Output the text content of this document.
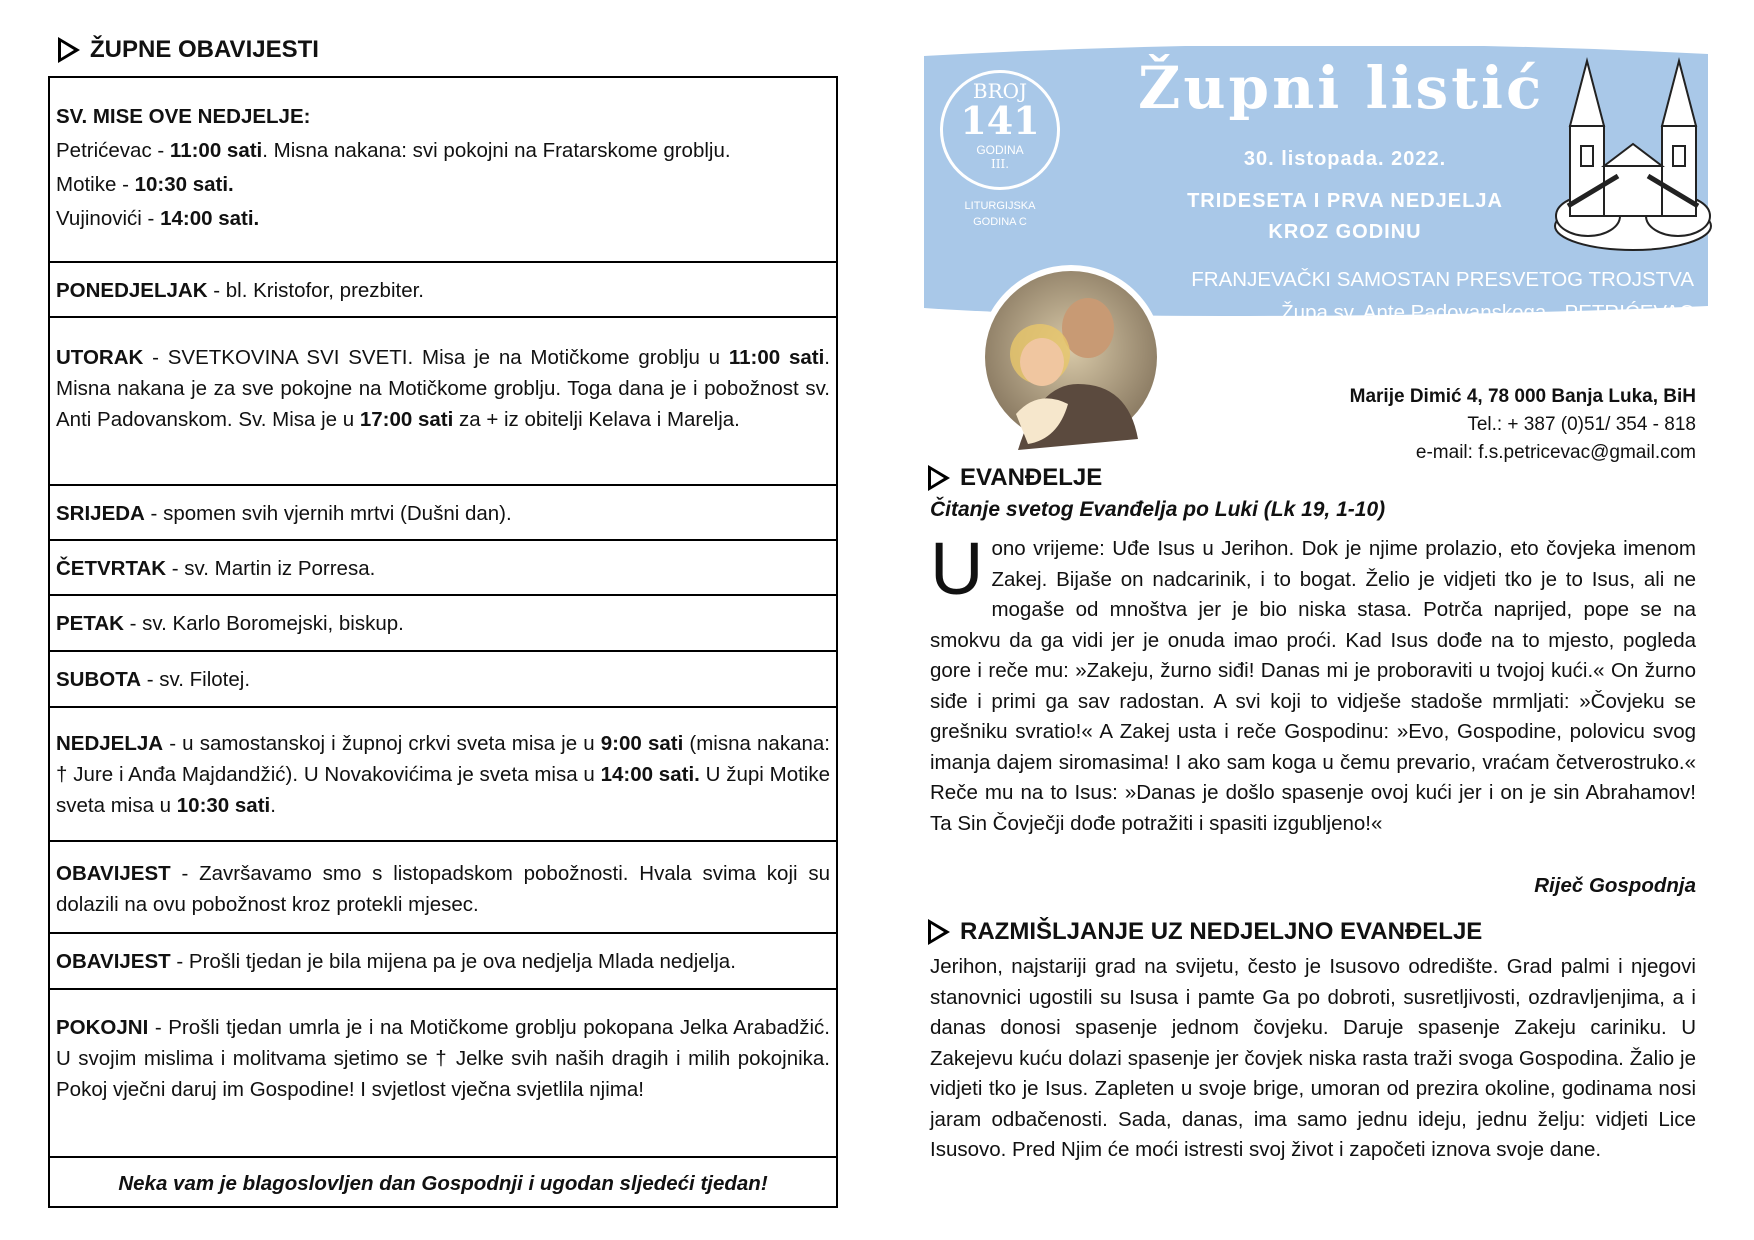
ŽUPNE OBAVIJESTI

SV. MISE OVE NEDJELJE:

Petrićevac - 11:00 sati. Misna nakana: svi pokojni na Fratarskome groblju.

Motike - 10:30 sati.

Vujinovići - 14:00 sati.

PONEDJELJAK - bl. Kristofor, prezbiter.
UTORAK - SVETKOVINA SVI SVETI. Misa je na Motičkome groblju u 11:00 sati. Misna nakana je za sve pokojne na Motičkome groblju. Toga dana je i pobožnost sv. Anti Padovanskom. Sv. Misa je u 17:00 sati za + iz obitelji Kelava i Marelja.
SRIJEDA - spomen svih vjernih mrtvi (Dušni dan).
ČETVRTAK - sv. Martin iz Porresa.
PETAK - sv. Karlo Boromejski, biskup.
SUBOTA - sv. Filotej.
NEDJELJA - u samostanskoj i župnoj crkvi sveta misa je u 9:00 sati (misna nakana: † Jure i Anđa Majdandžić). U Novakovićima je sveta misa u 14:00 sati. U župi Motike sveta misa u 10:30 sati.
OBAVIJEST - Završavamo smo s listopadskom pobožnosti. Hvala svima koji su dolazili na ovu pobožnost kroz protekli mjesec.
OBAVIJEST - Prošli tjedan je bila mijena pa je ova nedjelja Mlada nedjelja.
POKOJNI - Prošli tjedan umrla je i na Motičkome groblju pokopana Jelka Arabadžić. U svojim mislima i molitvama sjetimo se † Jelke svih naših dragih i milih pokojnika. Pokoj vječni daruj im Gospodine! I svjetlost vječna svjetlila njima!
Neka vam je blagoslovljen dan Gospodnji i ugodan sljedeći tjedan!
BROJ
141
GODINA
III.
LITURGIJSKA
GODINA C
Župni listić
30. listopada. 2022.
TRIDESETA I PRVA NEDJELJA
KROZ GODINU
FRANJEVAČKI SAMOSTAN PRESVETOG TROJSTVA
Župa sv. Ante Padovanskoga - PETRIĆEVAC
Župa sv. Petra i Pavla - MOTIKE
Marije Dimić 4, 78 000 Banja Luka, BiH
Tel.: + 387 (0)51/ 354 - 818
e-mail: f.s.petricevac@gmail.com
EVANĐELJE
Čitanje svetog Evanđelja po Luki (Lk 19, 1-10)
Uono vrijeme: Uđe Isus u Jerihon. Dok je njime prolazio, eto čovjeka imenom Zakej. Bijaše on nadcarinik, i to bogat. Želio je vidjeti tko je to Isus, ali ne mogaše od mnoštva jer je bio niska stasa. Potrča naprijed, pope se na smokvu da ga vidi jer je onuda imao proći. Kad Isus dođe na to mjesto, pogleda gore i reče mu: »Zakeju, žurno siđi! Danas mi je proboraviti u tvojoj kući.« On žurno siđe i primi ga sav radostan. A svi koji to vidješe stadoše mrmljati: »Čovjeku se grešniku svratio!« A Zakej usta i reče Gospodinu: »Evo, Gospodine, polovicu svog imanja dajem siromasima! I ako sam koga u čemu prevario, vraćam četverostruko.« Reče mu na to Isus: »Danas je došlo spasenje ovoj kući jer i on je sin Abrahamov! Ta Sin Čovječji dođe potražiti i spasiti izgubljeno!«
Riječ Gospodnja
RAZMIŠLJANJE UZ NEDJELJNO EVANĐELJE
Jerihon, najstariji grad na svijetu, često je Isusovo odredište. Grad palmi i njegovi stanovnici ugostili su Isusa i pamte Ga po dobroti, susretljivosti, ozdravljenjima, a i danas donosi spasenje jednom čovjeku. Daruje spasenje Zakeju cariniku. U Zakejevu kuću dolazi spasenje jer čovjek niska rasta traži svoga Gospodina. Žalio je vidjeti tko je Isus. Zapleten u svoje brige, umoran od prezira okoline, godinama nosi jaram odbačenosti. Sada, danas, ima samo jednu ideju, jednu želju: vidjeti Lice Isusovo. Pred Njim će moći istresti svoj život i započeti iznova svoje dane.
